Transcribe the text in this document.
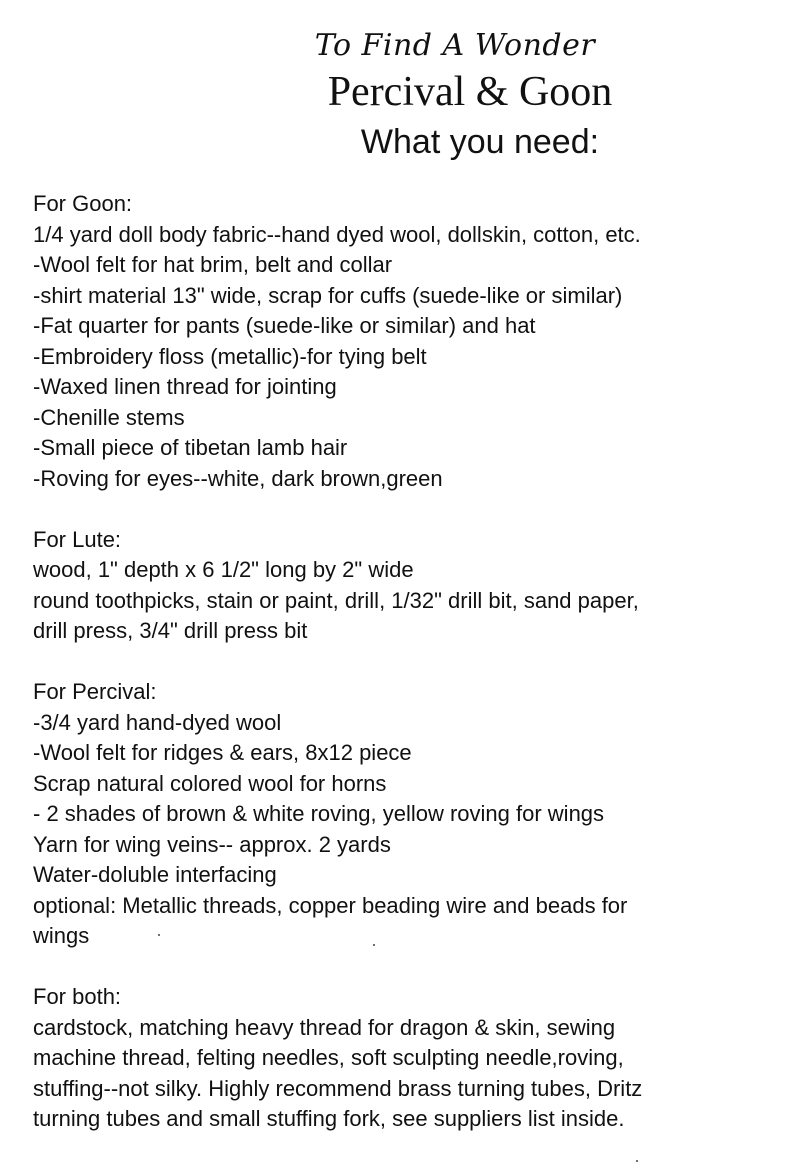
To Find A Wonder
Percival & Goon
What you need:
For Goon:
1/4 yard doll body fabric--hand dyed wool, dollskin, cotton, etc.
-Wool felt for hat brim, belt and collar
-shirt material 13" wide, scrap for cuffs (suede-like or similar)
-Fat quarter for pants (suede-like or similar) and hat
-Embroidery floss (metallic)-for tying belt
-Waxed linen thread for jointing
-Chenille stems
-Small piece of tibetan lamb hair
-Roving for eyes--white, dark brown,green
For Lute:
wood, 1" depth x 6 1/2" long by 2" wide
round toothpicks, stain or paint, drill, 1/32" drill bit, sand paper,
drill press, 3/4" drill press bit
For Percival:
-3/4 yard hand-dyed wool
-Wool felt for ridges & ears, 8x12 piece
Scrap natural colored wool for horns
- 2 shades of brown & white roving, yellow roving for wings
Yarn for wing veins-- approx. 2 yards
Water-doluble interfacing
optional: Metallic threads, copper beading wire and beads for
wings
For both:
cardstock, matching heavy thread for dragon & skin, sewing
machine thread, felting needles, soft sculpting needle,roving,
stuffing--not silky. Highly recommend brass turning tubes, Dritz
turning tubes and small stuffing fork, see suppliers list inside.
